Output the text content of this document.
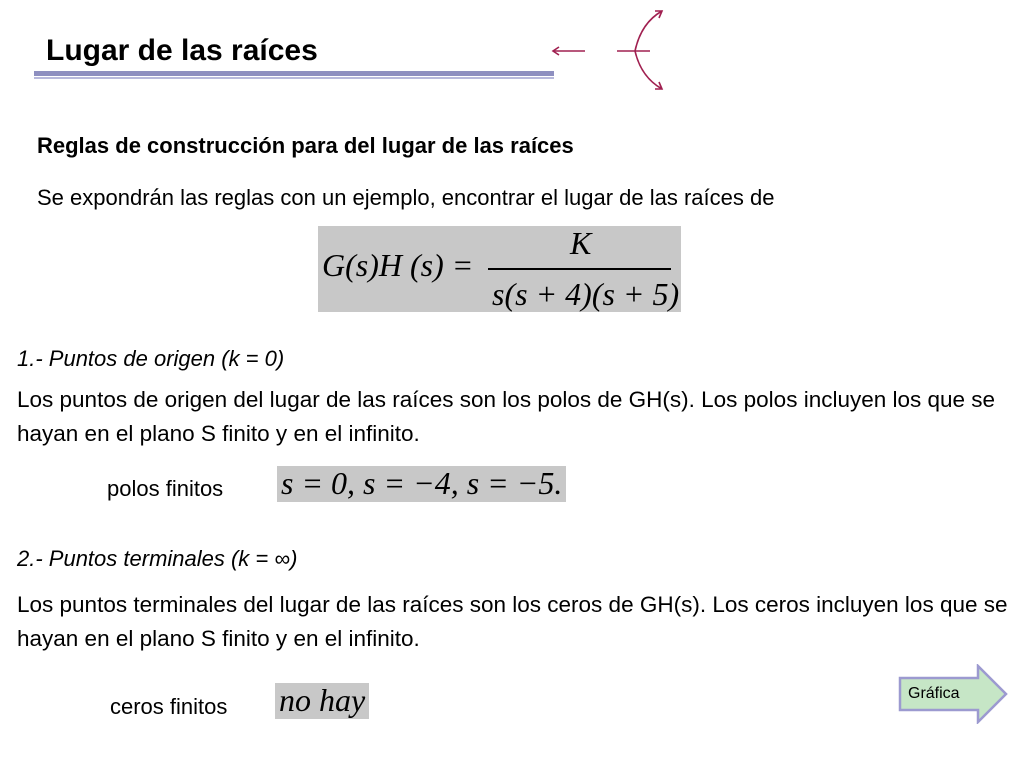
Lugar de las raíces
Reglas de construcción para del lugar de las raíces
Se expondrán las reglas con un ejemplo, encontrar el lugar de las raíces de
G(s)H (s) =
K
s(s + 4)(s + 5)
1.- Puntos de origen (k = 0)
Los puntos de origen del lugar de las raíces son los polos de GH(s). Los polos incluyen los que se hayan en el plano S finito y en el infinito.
polos finitos s = 0, s = −4, s = −5.
2.- Puntos terminales (k = ∞)
Los puntos terminales del lugar de las raíces son los ceros de GH(s). Los ceros incluyen los que se hayan en el plano S finito y en el infinito.
ceros finitos no hay	Gráfica
